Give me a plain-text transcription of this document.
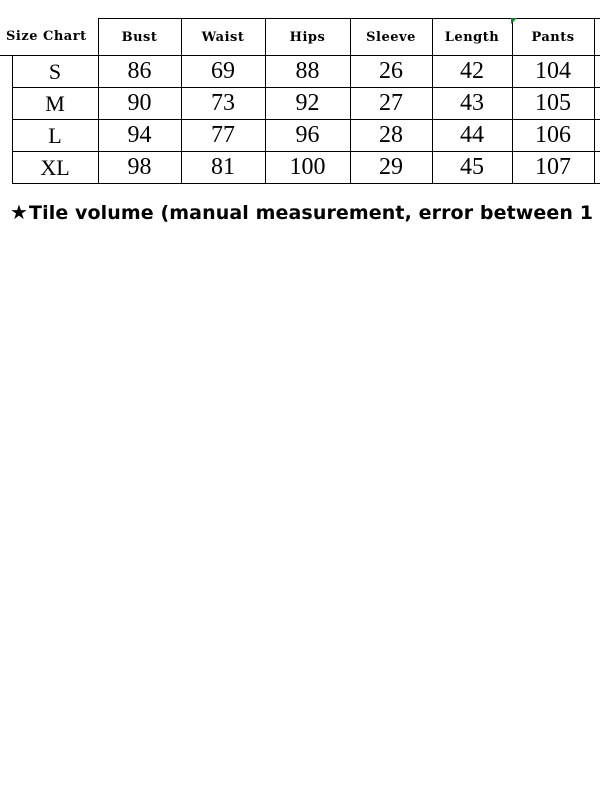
Size Chart		Bust	Waist	Hips	Sleeve	Length	Pants	
	S	86	69	88	26	42	104	
	M	90	73	92	27	43	105	
	L	94	77	96	28	44	106	
	XL	98	81	100	29	45	107	
★Tile volume (manual measurement, error between 1
